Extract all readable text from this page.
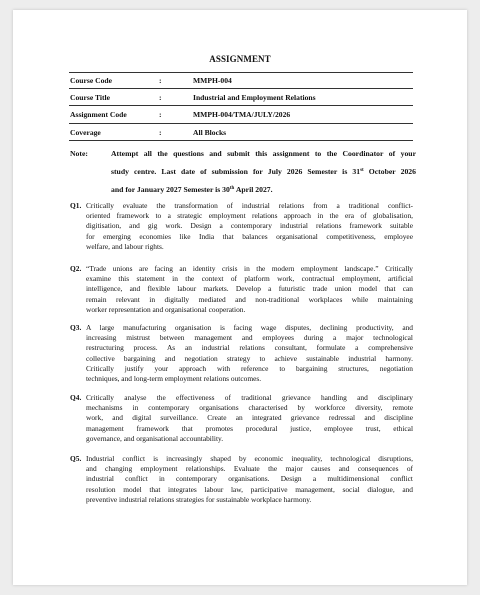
ASSIGNMENT
Course Code	:	MMPH-004
Course Title	:	Industrial and Employment Relations
Assignment Code	:	MMPH-004/TMA/JULY/2026
Coverage	:	All Blocks
Note:	Attempt all the questions and submit this assignment to the Coordinator of your
study centre. Last date of submission for July 2026 Semester is 31st October 2026
and for January 2027 Semester is 30th April 2027.
Q1. Critically evaluate the transformation of industrial relations from a traditional conflict-
oriented framework to a strategic employment relations approach in the era of globalisation,
digitisation, and gig work. Design a contemporary industrial relations framework suitable
for emerging economies like India that balances organisational competitiveness, employee
welfare, and labour rights.
Q2. “Trade unions are facing an identity crisis in the modern employment landscape.” Critically
examine this statement in the context of platform work, contractual employment, artificial
intelligence, and flexible labour markets. Develop a futuristic trade union model that can
remain relevant in digitally mediated and non-traditional workplaces while maintaining
worker representation and organisational cooperation.
Q3. A large manufacturing organisation is facing wage disputes, declining productivity, and
increasing mistrust between management and employees during a major technological
restructuring process. As an industrial relations consultant, formulate a comprehensive
collective bargaining and negotiation strategy to achieve sustainable industrial harmony.
Critically justify your approach with reference to bargaining structures, negotiation
techniques, and long-term employment relations outcomes.
Q4. Critically analyse the effectiveness of traditional grievance handling and disciplinary
mechanisms in contemporary organisations characterised by workforce diversity, remote
work, and digital surveillance. Create an integrated grievance redressal and discipline
management framework that promotes procedural justice, employee trust, ethical
governance, and organisational accountability.
Q5. Industrial conflict is increasingly shaped by economic inequality, technological disruptions,
and changing employment relationships. Evaluate the major causes and consequences of
industrial conflict in contemporary organisations. Design a multidimensional conflict
resolution model that integrates labour law, participative management, social dialogue, and
preventive industrial relations strategies for sustainable workplace harmony.
